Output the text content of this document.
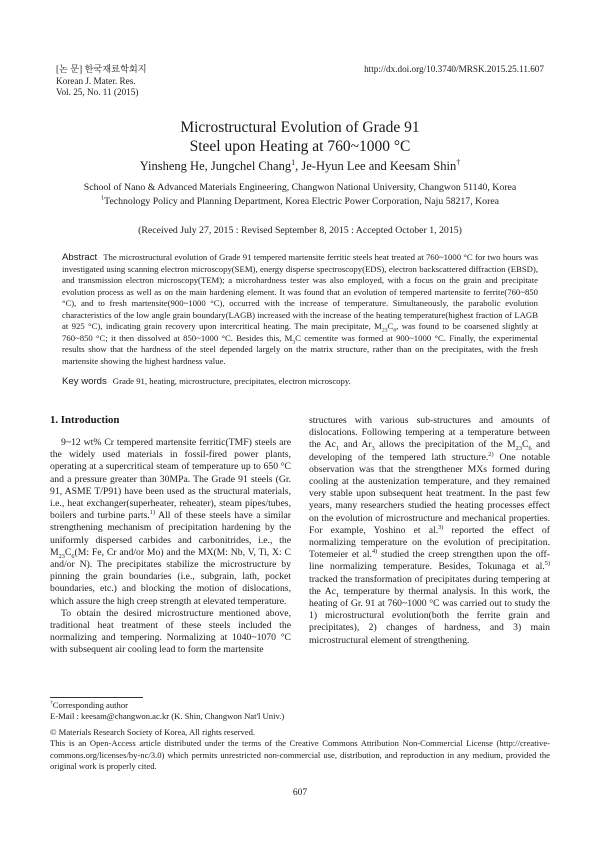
[논 문] 한국재료학회지
Korean J. Mater. Res.
Vol. 25, No. 11 (2015)
http://dx.doi.org/10.3740/MRSK.2015.25.11.607
Microstructural Evolution of Grade 91
Steel upon Heating at 760~1000 °C
Yinsheng He, Jungchel Chang$^1$, Je-Hyun Lee and Keesam Shin†
School of Nano & Advanced Materials Engineering, Changwon National University, Changwon 51140, Korea
$^1$Technology Policy and Planning Department, Korea Electric Power Corporation, Naju 58217, Korea
(Received July 27, 2015 : Revised September 8, 2015 : Accepted October 1, 2015)
Abstract The microstructural evolution of Grade 91 tempered martensite ferritic steels heat treated at 760~1000 °C for two hours was investigated using scanning electron microscopy(SEM), energy disperse spectroscopy(EDS), electron backscattered diffraction (EBSD), and transmission electron microscopy(TEM); a microhardness tester was also employed, with a focus on the grain and precipitate evolution process as well as on the main hardening element. It was found that an evolution of tempered martensite to ferrite(760~850 °C), and to fresh martensite(900~1000 °C), occurred with the increase of temperature. Simultaneously, the parabolic evolution characteristics of the low angle grain boundary(LAGB) increased with the increase of the heating temperature(highest fraction of LAGB at 925 °C), indicating grain recovery upon intercritical heating. The main precipitate, $M_{23}C_6$, was found to be coarsened slightly at 760~850 °C; it then dissolved at 850~1000 °C. Besides this, $M_3C$ cementite was formed at 900~1000 °C. Finally, the experimental results show that the hardness of the steel depended largely on the matrix structure, rather than on the precipitates, with the fresh martensite showing the highest hardness value.
Key words Grade 91, heating, microstructure, precipitates, electron microscopy.
1. Introduction

9~12 wt% Cr tempered martensite ferritic(TMF) steels are the widely used materials in fossil-fired power plants, operating at a supercritical steam of temperature up to 650 °C and a pressure greater than 30MPa. The Grade 91 steels (Gr. 91, ASME T/P91) have been used as the structural materials, i.e., heat exchanger(superheater, reheater), steam pipes/tubes, boilers and turbine parts.$^{1)}$ All of these steels have a similar strengthening mechanism of precipitation hardening by the uniformly dispersed carbides and carbonitrides, i.e., the $M_{23}C_6(M$: Fe, Cr and/or Mo) and the MX(M: Nb, V, Ti, X: C and/or N). The precipitates stabilize the microstructure by pinning the grain boundaries (i.e., subgrain, lath, pocket boundaries, etc.) and blocking the motion of dislocations, which assure the high creep strength at elevated temperature.

To obtain the desired microstructure mentioned above, traditional heat treatment of these steels included the normalizing and tempering. Normalizing at 1040~1070 °C with subsequent air cooling lead to form the martensite

structures with various sub-structures and amounts of dislocations. Following tempering at a temperature between the $Ac_1$ and $Ar_3$ allows the precipitation of the $M_{23}C_6$ and developing of the tempered lath structure.$^{2)}$ One notable observation was that the strengthener MXs formed during cooling at the austenization temperature, and they remained very stable upon subsequent heat treatment. In the past few years, many researchers studied the heating processes effect on the evolution of microstructure and mechanical properties. For example, Yoshino et al.$^{3)}$ reported the effect of normalizing temperature on the evolution of precipitation. Totemeier et al.$^{4)}$ studied the creep strengthen upon the off-line normalizing temperature. Besides, Tokunaga et al.$^{5)}$ tracked the transformation of precipitates during tempering at the $Ac_1$ temperature by thermal analysis. In this work, the heating of Gr. 91 at 760~1000 °C was carried out to study the 1) microstructural evolution(both the ferrite grain and precipitates), 2) changes of hardness, and 3) main microstructural element of strengthening.

†Corresponding author
E-Mail : keesam@changwon.ac.kr (K. Shin, Changwon Nat'l Univ.)
© Materials Research Society of Korea, All rights reserved.
This is an Open-Access article distributed under the terms of the Creative Commons Attribution Non-Commercial License (http://creative-commons.org/licenses/by-nc/3.0) which permits unrestricted non-commercial use, distribution, and reproduction in any medium, provided the original work is properly cited.
607
